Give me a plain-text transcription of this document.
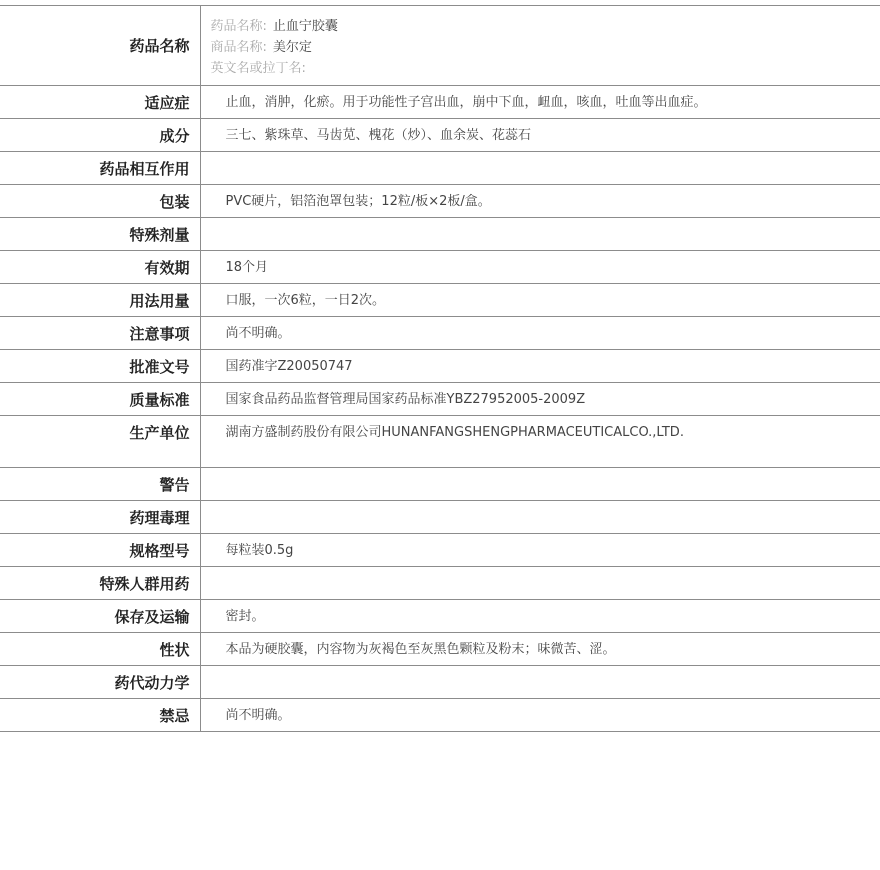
药品名称	药品名称: 止血宁胶囊
商品名称: 美尔定
英文名或拉丁名:

适应症	止血，消肿，化瘀。用于功能性子宫出血，崩中下血，衄血，咳血，吐血等出血症。
成分	三七、紫珠草、马齿苋、槐花（炒）、血余炭、花蕊石
药品相互作用	
包装	PVC硬片，铝箔泡罩包装；12粒/板×2板/盒。
特殊剂量	
有效期	18个月
用法用量	口服，一次6粒，一日2次。
注意事项	尚不明确。
批准文号	国药准字Z20050747
质量标准	国家食品药品监督管理局国家药品标准YBZ27952005-2009Z
生产单位	湖南方盛制药股份有限公司HUNANFANGSHENGPHARMACEUTICALCO.,LTD.
警告	
药理毒理	
规格型号	每粒装0.5g
特殊人群用药	
保存及运输	密封。
性状	本品为硬胶囊，内容物为灰褐色至灰黑色颗粒及粉末；味微苦、涩。
药代动力学	
禁忌	尚不明确。
